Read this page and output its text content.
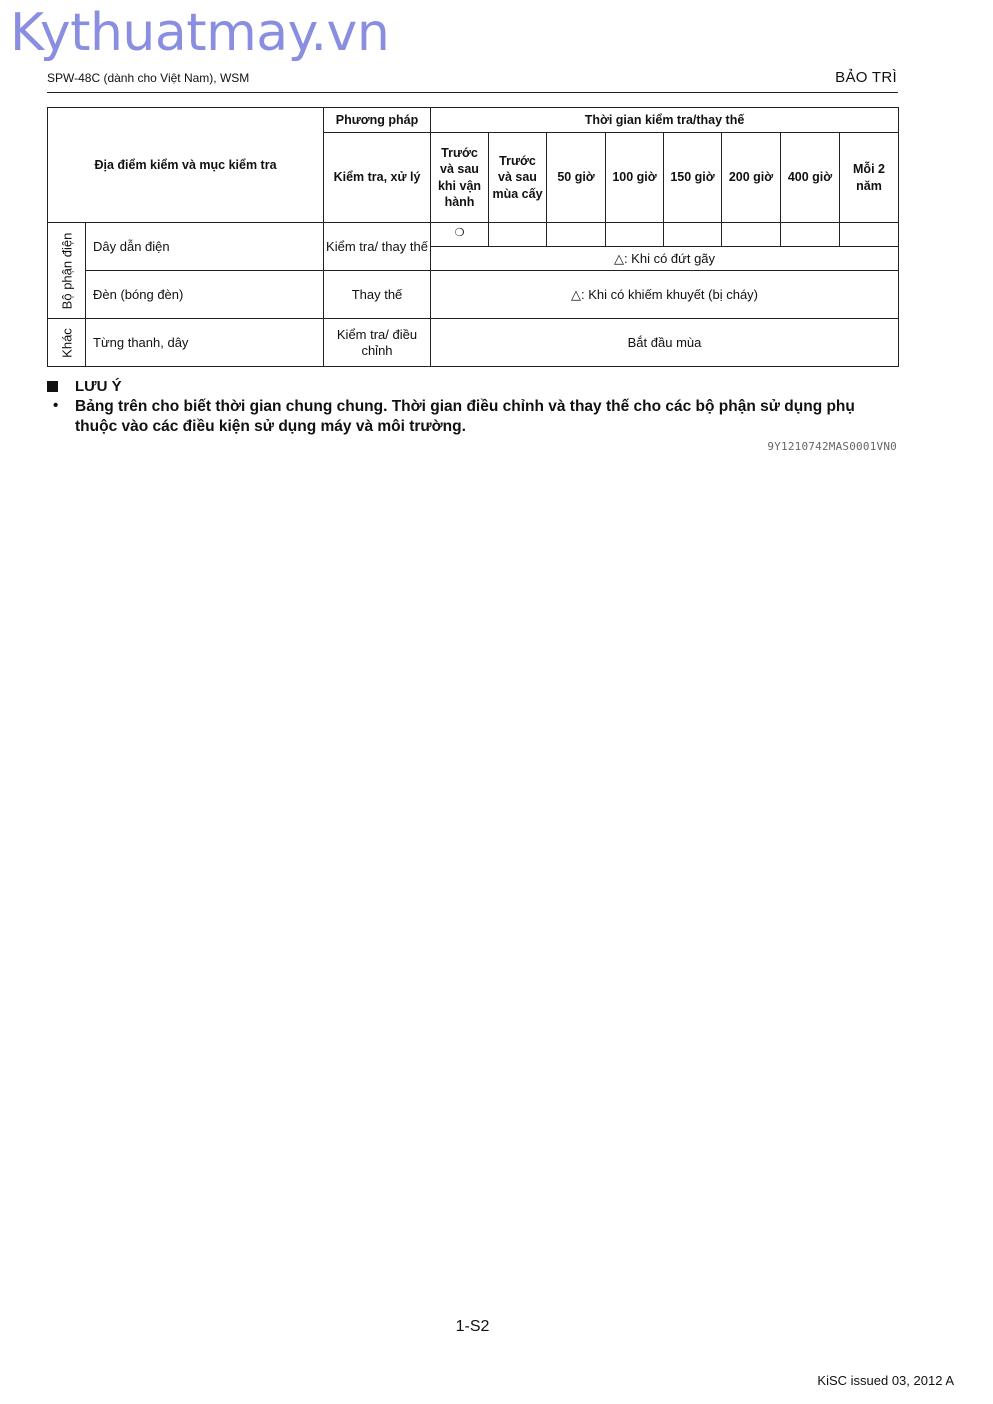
Kythuatmay.vn
SPW-48C (dành cho Việt Nam), WSM	BẢO TRÌ
Địa điểm kiểm và mục kiểm tra		Phương pháp	Thời gian kiểm tra/thay thế							
		Kiểm tra, xử lý	Trước và sau khi vận hành	Trước và sau mùa cấy	50 giờ	100 giờ	150 giờ	200 giờ	400 giờ	Mỗi 2 năm

Bộ phận điện	Dây dẫn điện	Kiểm tra/ thay thế	❍							
			△: Khi có đứt gãy							
	Đèn (bóng đèn)	Thay thế	△: Khi có khiếm khuyết (bị cháy)							

Khác	Từng thanh, dây	Kiểm tra/ điều chỉnh	Bắt đầu mùa							
LƯU Ý
• Bảng trên cho biết thời gian chung chung. Thời gian điều chỉnh và thay thế cho các bộ phận sử dụng phụ thuộc vào các điều kiện sử dụng máy và môi trường.
9Y1210742MAS0001VN0
1-S2
KiSC issued 03, 2012 A
